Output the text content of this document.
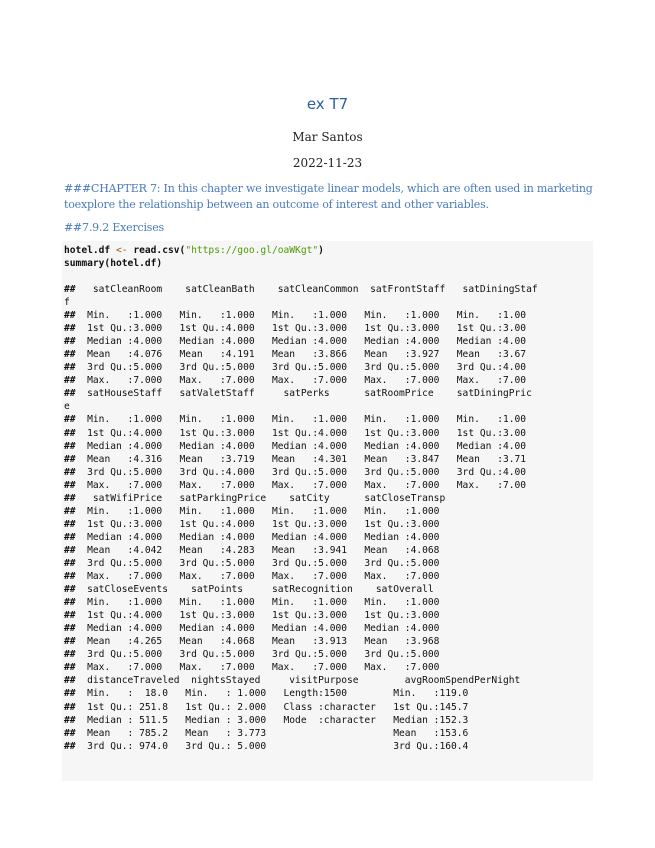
ex T7
Mar Santos
2022-11-23
###CHAPTER 7: In this chapter we investigate linear models, which are often used in marketing toexplore the relationship between an outcome of interest and other variables.
##7.9.2 Exercises
hotel.df <- read.csv("https://goo.gl/oaWKgt")
summary(hotel.df)
##   satCleanRoom    satCleanBath    satCleanCommon  satFrontStaff   satDiningStaf
f
##  Min.   :1.000   Min.   :1.000   Min.   :1.000   Min.   :1.000   Min.   :1.00
##  1st Qu.:3.000   1st Qu.:4.000   1st Qu.:3.000   1st Qu.:3.000   1st Qu.:3.00
##  Median :4.000   Median :4.000   Median :4.000   Median :4.000   Median :4.00
##  Mean   :4.076   Mean   :4.191   Mean   :3.866   Mean   :3.927   Mean   :3.67
##  3rd Qu.:5.000   3rd Qu.:5.000   3rd Qu.:5.000   3rd Qu.:5.000   3rd Qu.:4.00
##  Max.   :7.000   Max.   :7.000   Max.   :7.000   Max.   :7.000   Max.   :7.00
##  satHouseStaff   satValetStaff     satPerks      satRoomPrice    satDiningPric
e
##  Min.   :1.000   Min.   :1.000   Min.   :1.000   Min.   :1.000   Min.   :1.00
##  1st Qu.:4.000   1st Qu.:3.000   1st Qu.:4.000   1st Qu.:3.000   1st Qu.:3.00
##  Median :4.000   Median :4.000   Median :4.000   Median :4.000   Median :4.00
##  Mean   :4.316   Mean   :3.719   Mean   :4.301   Mean   :3.847   Mean   :3.71
##  3rd Qu.:5.000   3rd Qu.:4.000   3rd Qu.:5.000   3rd Qu.:5.000   3rd Qu.:4.00
##  Max.   :7.000   Max.   :7.000   Max.   :7.000   Max.   :7.000   Max.   :7.00
##   satWifiPrice   satParkingPrice    satCity      satCloseTransp
##  Min.   :1.000   Min.   :1.000   Min.   :1.000   Min.   :1.000
##  1st Qu.:3.000   1st Qu.:4.000   1st Qu.:3.000   1st Qu.:3.000
##  Median :4.000   Median :4.000   Median :4.000   Median :4.000
##  Mean   :4.042   Mean   :4.283   Mean   :3.941   Mean   :4.068
##  3rd Qu.:5.000   3rd Qu.:5.000   3rd Qu.:5.000   3rd Qu.:5.000
##  Max.   :7.000   Max.   :7.000   Max.   :7.000   Max.   :7.000
##  satCloseEvents    satPoints     satRecognition    satOverall
##  Min.   :1.000   Min.   :1.000   Min.   :1.000   Min.   :1.000
##  1st Qu.:4.000   1st Qu.:3.000   1st Qu.:3.000   1st Qu.:3.000
##  Median :4.000   Median :4.000   Median :4.000   Median :4.000
##  Mean   :4.265   Mean   :4.068   Mean   :3.913   Mean   :3.968
##  3rd Qu.:5.000   3rd Qu.:5.000   3rd Qu.:5.000   3rd Qu.:5.000
##  Max.   :7.000   Max.   :7.000   Max.   :7.000   Max.   :7.000
##  distanceTraveled  nightsStayed     visitPurpose        avgRoomSpendPerNight
##  Min.   :  18.0   Min.   : 1.000   Length:1500        Min.   :119.0
##  1st Qu.: 251.8   1st Qu.: 2.000   Class :character   1st Qu.:145.7
##  Median : 511.5   Median : 3.000   Mode  :character   Median :152.3
##  Mean   : 785.2   Mean   : 3.773                      Mean   :153.6
##  3rd Qu.: 974.0   3rd Qu.: 5.000                      3rd Qu.:160.4
